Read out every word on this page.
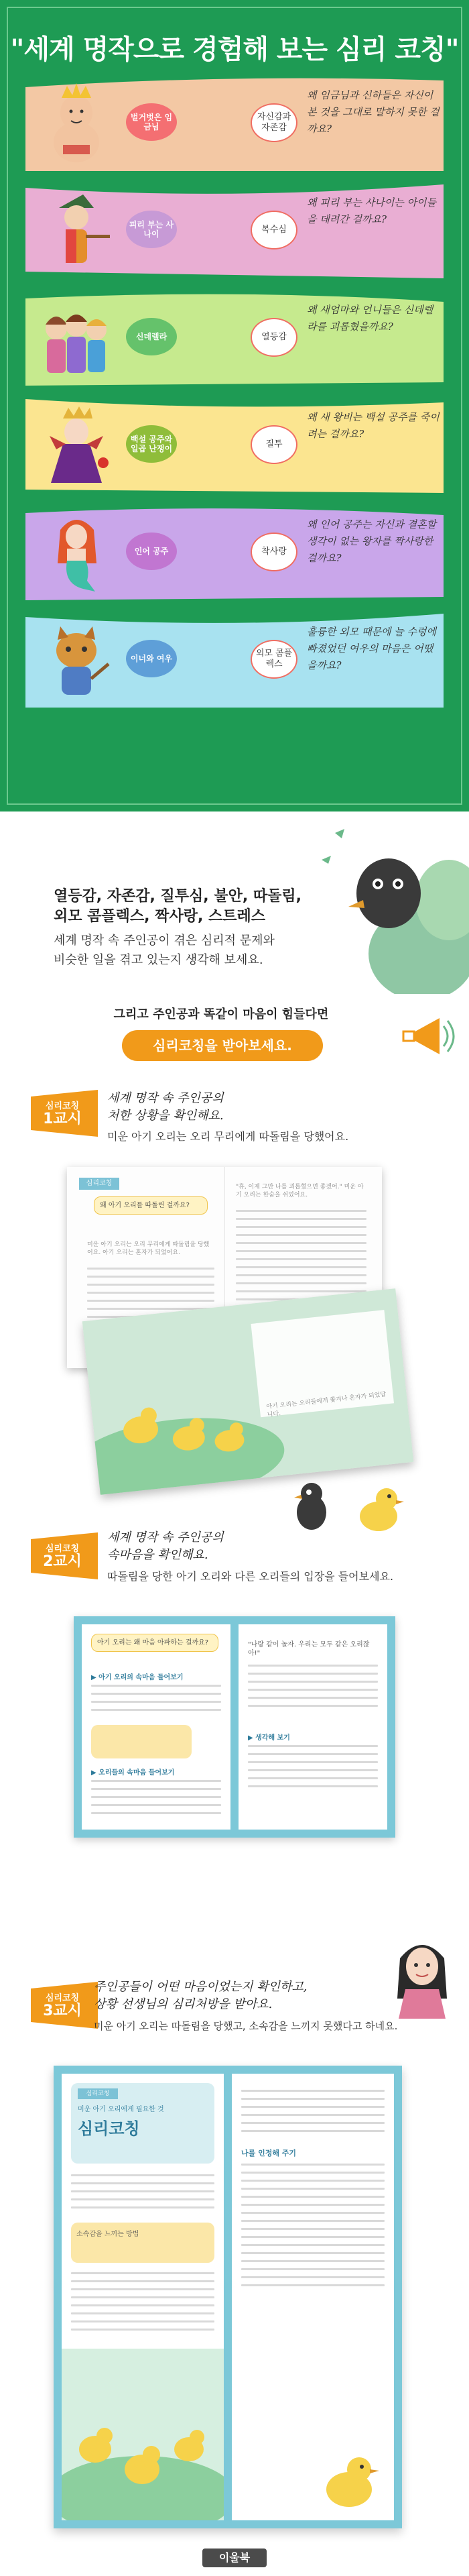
"세계 명작으로 경험해 보는 심리 코칭"
벌거벗은 임금님
자신감과 자존감
왜 임금님과 신하들은 자신이 본 것을 그대로 말하지 못한 걸까요?
피리 부는 사나이	복수심
왜 피리 부는 사나이는 아이들을 데려간 걸까요?
신데렐라	열등감
왜 새엄마와 언니들은 신데렐라를 괴롭혔을까요?
백설 공주와 일곱 난쟁이	질투
왜 새 왕비는 백설 공주를 죽이려는 걸까요?
인어 공주	착사랑
왜 인어 공주는 자신과 결혼할 생각이 없는 왕자를 짝사랑한 걸까요?
이너와 여우	외모 콤플렉스
훌륭한 외모 때문에 늘 수렁에 빠졌었던 여우의 마음은 어땠을까요?
열등감, 자존감, 질투심, 불안, 따돌림,
외모 콤플렉스, 짝사랑, 스트레스
세계 명작 속 주인공이 겪은 심리적 문제와
비슷한 일을 겪고 있는지 생각해 보세요.
그리고 주인공과 똑같이 마음이 힘들다면
심리코칭을 받아보세요.
심리코칭
1교시
세계 명작 속 주인공의
처한 상황을 확인해요.
미운 아기 오리는 오리 무리에게 따돌림을 당했어요.
심리코칭
왜 아기 오리를 따돌린 걸까요?
미운 아기 오리는 오리 무리에게 따돌림을 당했어요. 아기 오리는 혼자가 되었어요.
"휴, 이제 그만 나를 괴롭혔으면 좋겠어." 미운 아기 오리는 한숨을 쉬었어요.
아기 오리는 오리들에게 쫓겨나 혼자가 되었답니다.
심리코칭
2교시
세계 명작 속 주인공의
속마음을 확인해요.
따돌림을 당한 아기 오리와 다른 오리들의 입장을 들어보세요.
아기 오리는 왜 마음 아파하는 걸까요?
▶ 아기 오리의 속마음 들어보기
▶ 오리들의 속마음 들어보기
"나랑 같이 놀자. 우리는 모두 같은 오리잖아!"
▶ 생각해 보기
심리코칭
3교시
주인공들이 어떤 마음이었는지 확인하고,
상황 선생님의 심리처방을 받아요.
미운 아기 오리는 따돌림을 당했고, 소속감을 느끼지 못했다고 하네요.
심리코칭
미운 아기 오리에게 필요한 것
심리코칭
소속감을 느끼는 방법
나를 인정해 주기
이울북
